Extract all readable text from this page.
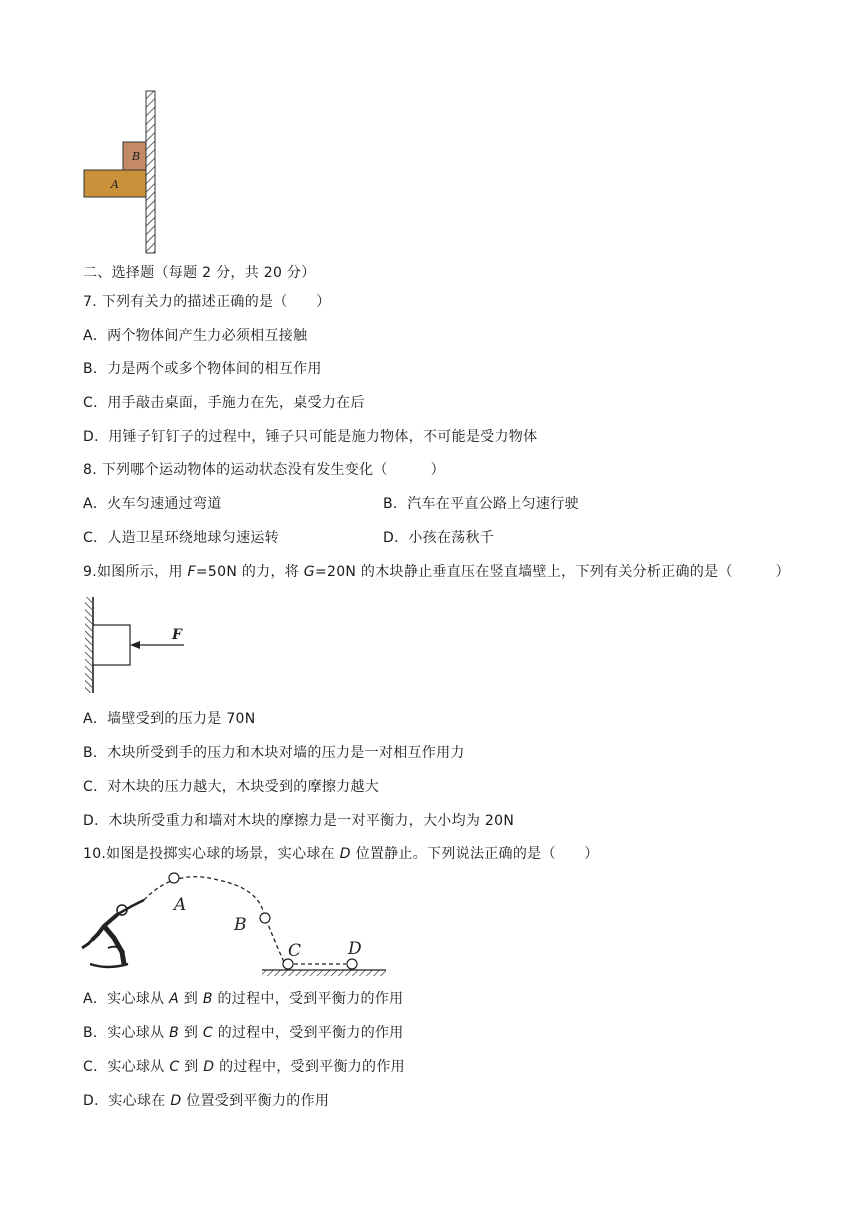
B
A
二、选择题（每题 2 分，共 20 分）
7. 下列有关力的描述正确的是（　　）
A．两个物体间产生力必须相互接触
B．力是两个或多个物体间的相互作用
C．用手敲击桌面，手施力在先，桌受力在后
D．用锤子钉钉子的过程中，锤子只可能是施力物体，不可能是受力物体
8. 下列哪个运动物体的运动状态没有发生变化（　　　）
A．火车匀速通过弯道	B．汽车在平直公路上匀速行驶
C．人造卫星环绕地球匀速运转	D．小孩在荡秋千
9.如图所示，用 F=50N 的力，将 G=20N 的木块静止垂直压在竖直墙壁上，下列有关分析正确的是（　　　）
F
A．墙壁受到的压力是 70N
B．木块所受到手的压力和木块对墙的压力是一对相互作用力
C．对木块的压力越大，木块受到的摩擦力越大
D．木块所受重力和墙对木块的摩擦力是一对平衡力，大小均为 20N
10.如图是投掷实心球的场景，实心球在 D 位置静止。下列说法正确的是（　　）
A
B
C	D
A．实心球从 A 到 B 的过程中，受到平衡力的作用
B．实心球从 B 到 C 的过程中，受到平衡力的作用
C．实心球从 C 到 D 的过程中，受到平衡力的作用
D．实心球在 D 位置受到平衡力的作用
